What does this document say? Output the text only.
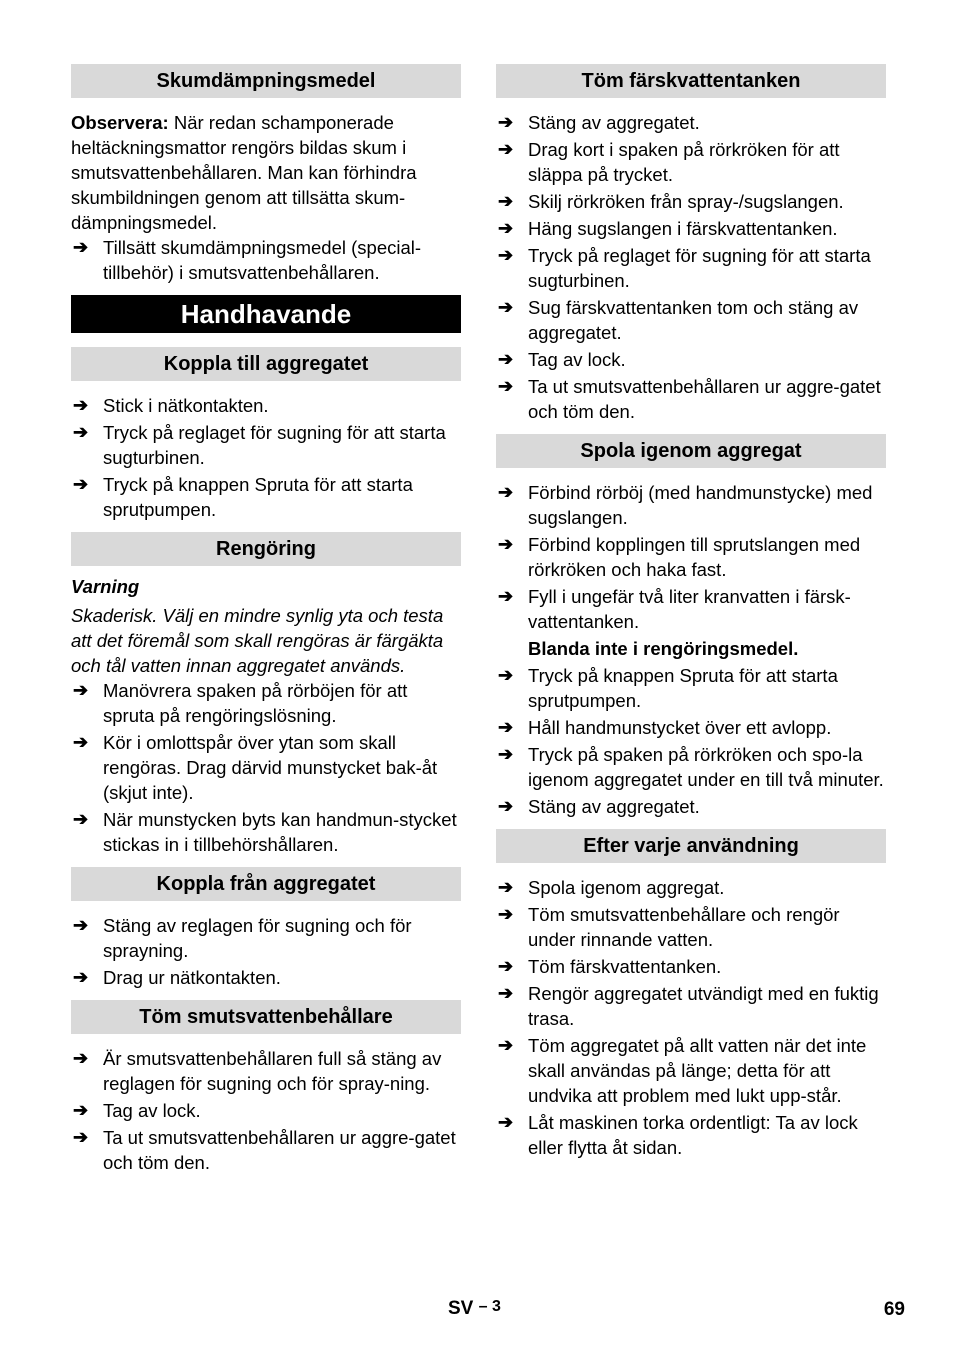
Skumdämpningsmedel

Observera: När redan schamponerade heltäckningsmattor rengörs bildas skum i smutsvattenbehållaren. Man kan förhindra skumbildningen genom att tillsätta skum-dämpningsmedel.

➔ Tillsätt skumdämpningsmedel (special-tillbehör) i smutsvattenbehållaren.
Handhavande
Koppla till aggregatet
➔ Stick i nätkontakten.
➔ Tryck på reglaget för sugning för att starta sugturbinen.
➔ Tryck på knappen Spruta för att starta sprutpumpen.
Rengöring
Varning

Skaderisk. Välj en mindre synlig yta och testa att det föremål som skall rengöras är färgäkta och tål vatten innan aggregatet används.

➔ Manövrera spaken på rörböjen för att spruta på rengöringslösning.
➔ Kör i omlottspår över ytan som skall rengöras. Drag därvid munstycket bak-åt (skjut inte).
➔ När munstycken byts kan handmun-stycket stickas in i tillbehörshållaren.
Koppla från aggregatet
➔ Stäng av reglagen för sugning och för sprayning.
➔ Drag ur nätkontakten.
Töm smutsvattenbehållare
➔ Är smutsvattenbehållaren full så stäng av reglagen för sugning och för spray-ning.
➔ Tag av lock.
➔ Ta ut smutsvattenbehållaren ur aggre-gatet och töm den.
Töm färskvattentanken
➔ Stäng av aggregatet.
➔ Drag kort i spaken på rörkröken för att släppa på trycket.
➔ Skilj rörkröken från spray-/sugslangen.
➔ Häng sugslangen i färskvattentanken.
➔ Tryck på reglaget för sugning för att starta sugturbinen.
➔ Sug färskvattentanken tom och stäng av aggregatet.
➔ Tag av lock.
➔ Ta ut smutsvattenbehållaren ur aggre-gatet och töm den.
Spola igenom aggregat
➔ Förbind rörböj (med handmunstycke) med sugslangen.
➔ Förbind kopplingen till sprutslangen med rörkröken och haka fast.
➔ Fyll i ungefär två liter kranvatten i färsk-vattentanken.
Blanda inte i rengöringsmedel.
➔ Tryck på knappen Spruta för att starta sprutpumpen.
➔ Håll handmunstycket över ett avlopp.
➔ Tryck på spaken på rörkröken och spo-la igenom aggregatet under en till två minuter.
➔ Stäng av aggregatet.
Efter varje användning
➔ Spola igenom aggregat.
➔ Töm smutsvattenbehållare och rengör under rinnande vatten.
➔ Töm färskvattentanken.
➔ Rengör aggregatet utvändigt med en fuktig trasa.
➔ Töm aggregatet på allt vatten när det inte skall användas på länge; detta för att undvika att problem med lukt upp-står.
➔ Låt maskinen torka ordentligt: Ta av lock eller flytta åt sidan.
SV – 3	69
